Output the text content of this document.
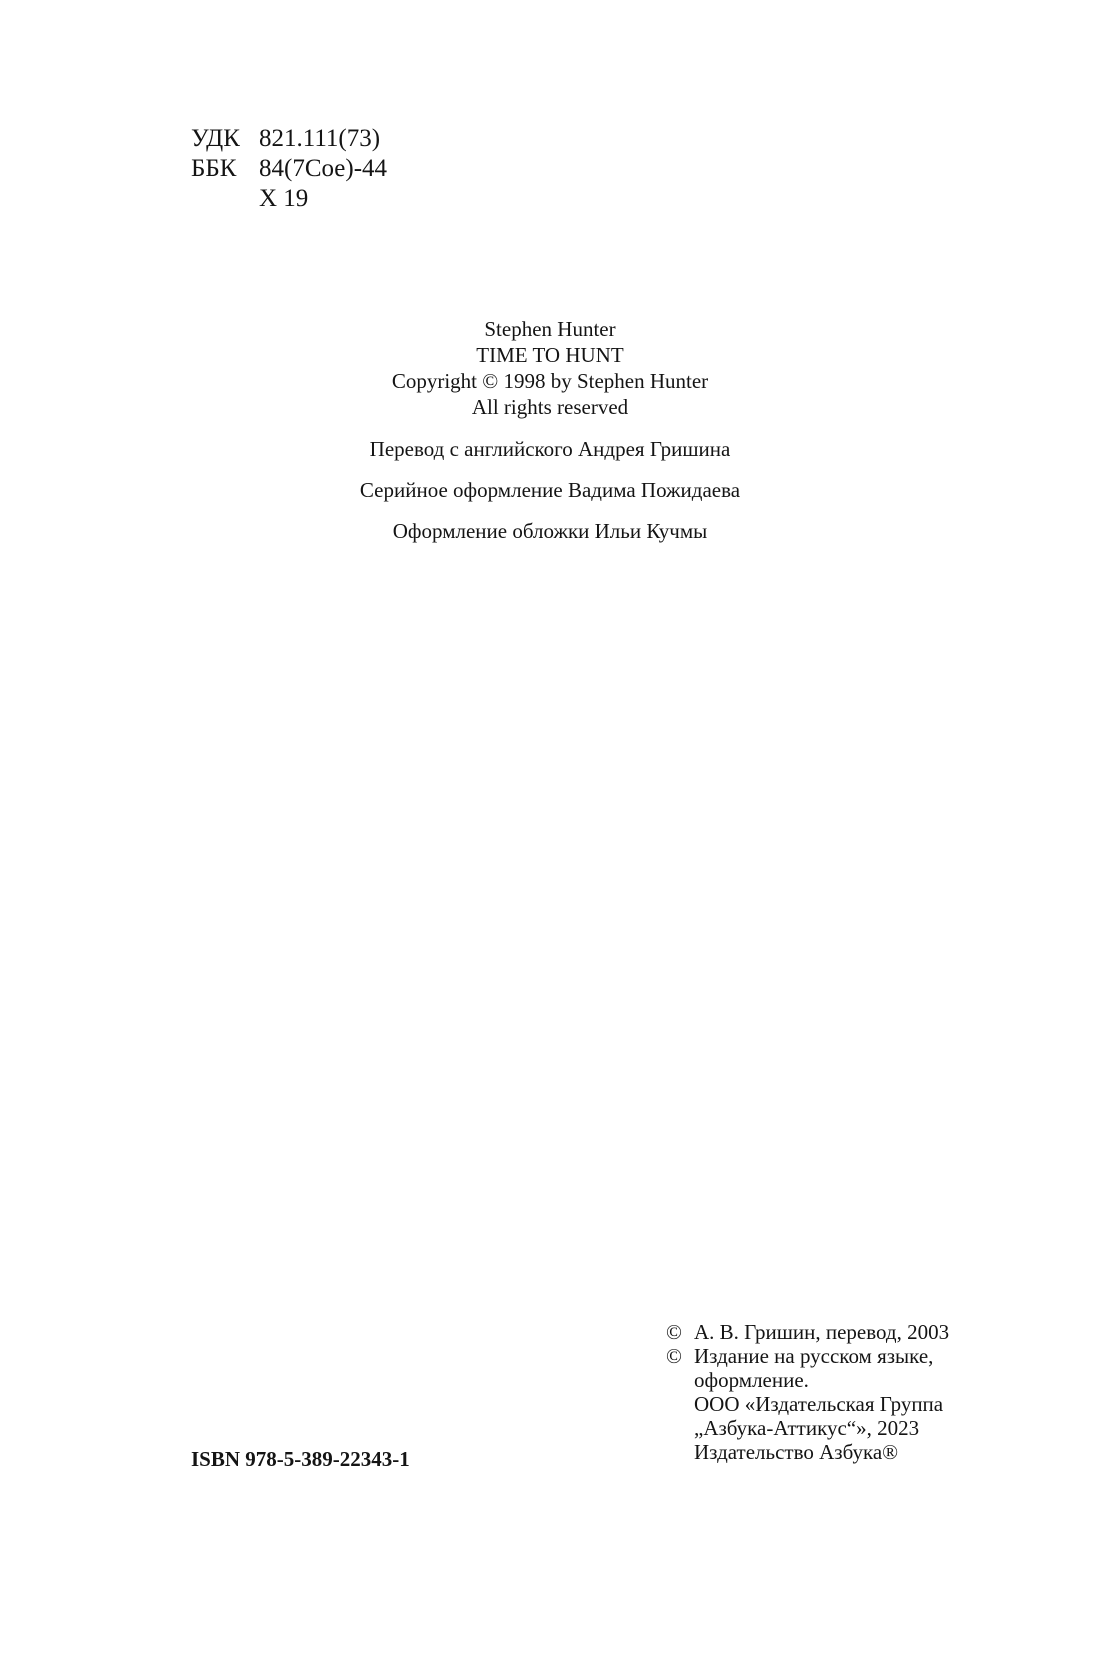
УДК 821.111(73)
ББК 84(7Сое)-44
Х 19
Stephen Hunter
TIME TO HUNT
Copyright © 1998 by Stephen Hunter
All rights reserved
Перевод с английского Андрея Гришина
Серийное оформление Вадима Пожидаева
Оформление обложки Ильи Кучмы
© А. В. Гришин, перевод, 2003
© Издание на русском языке,
оформление.
ООО «Издательская Группа
„Азбука-Аттикус“», 2023
Издательство Азбука®
ISBN 978-5-389-22343-1
